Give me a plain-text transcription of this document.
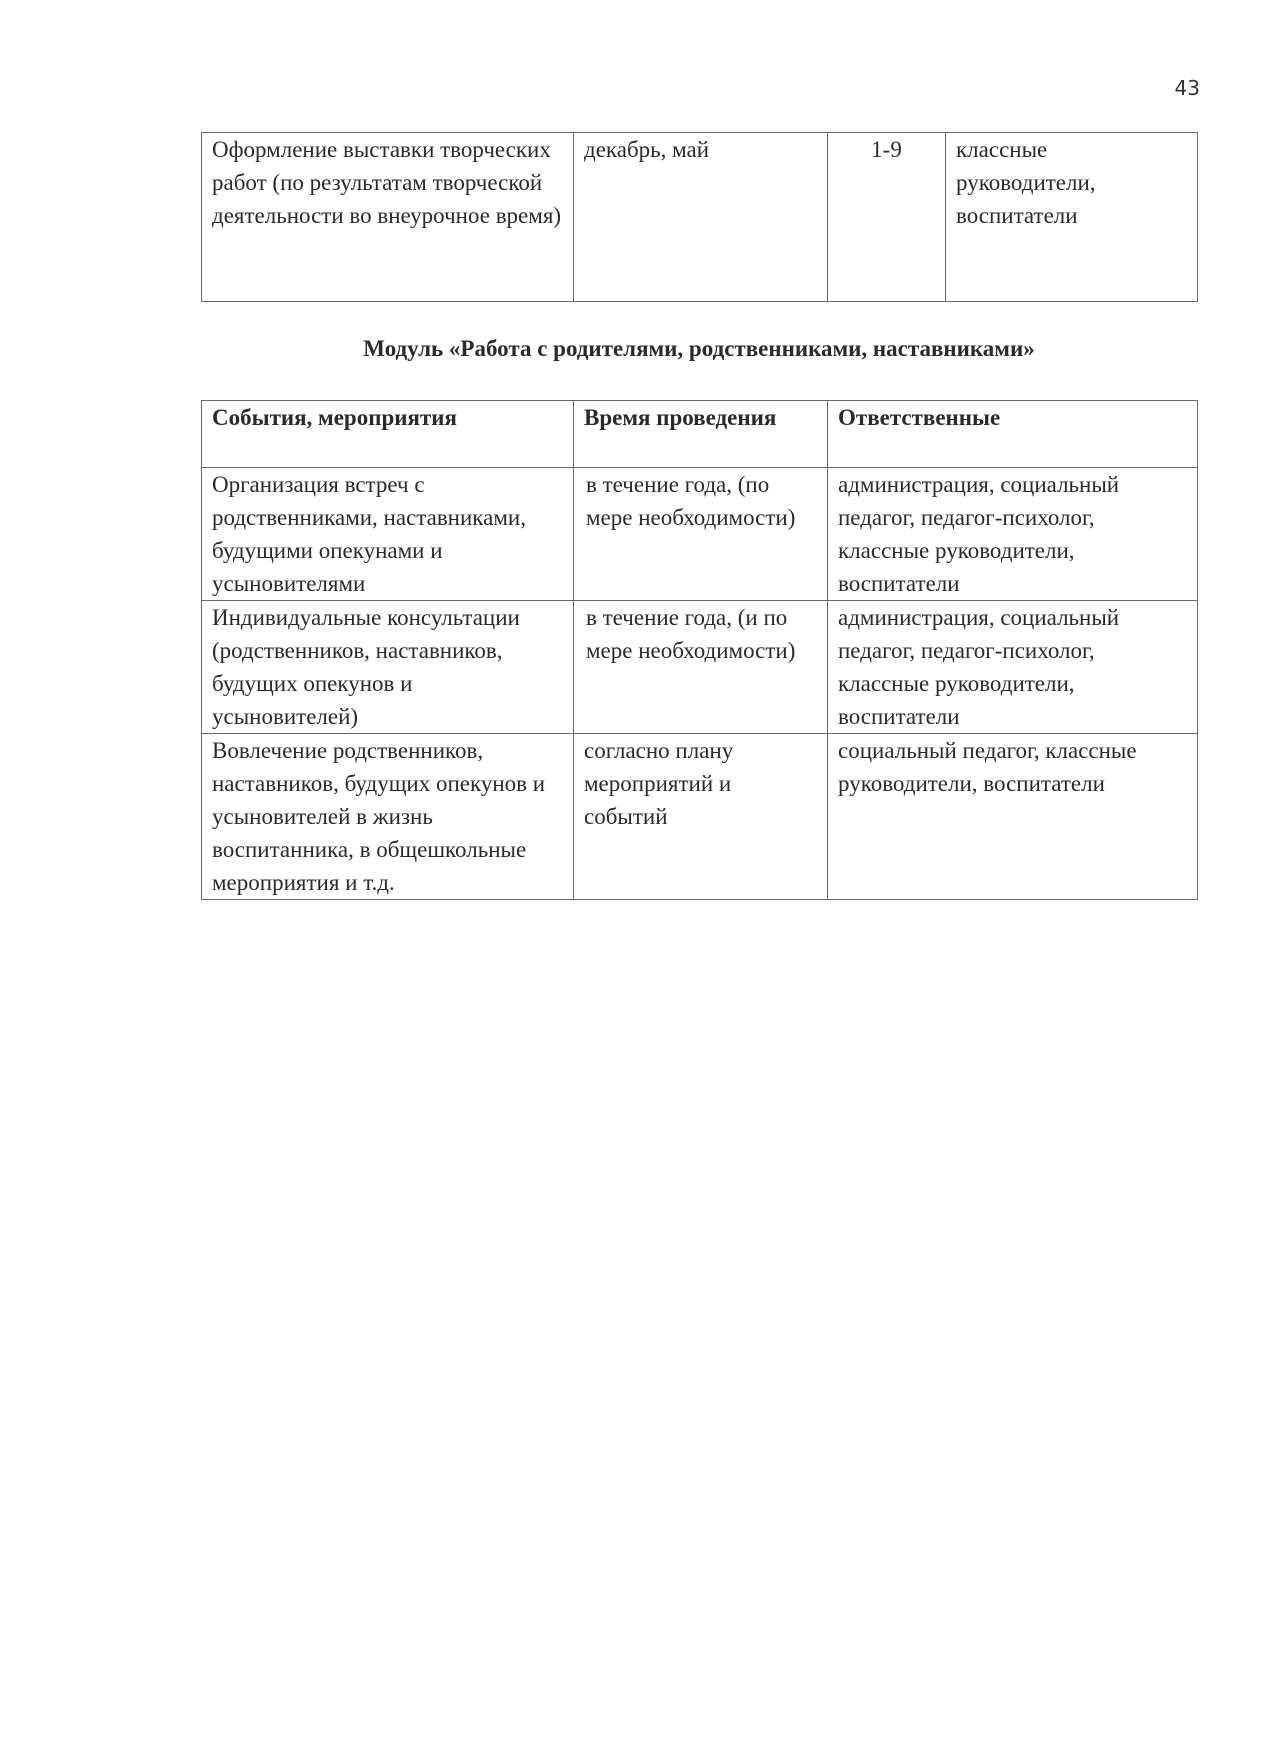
43
Оформление выставки творческих работ (по результатам творческой деятельности во внеурочное время)	декабрь, май	1-9	классные руководители, воспитатели
Модуль «Работа с родителями, родственниками, наставниками»
События, мероприятия	Время проведения	Ответственные
Организация встреч с родственниками, наставниками, будущими опекунами и усыновителями	в течение года, (по мере необходимости)	администрация, социальный педагог, педагог-психолог, классные руководители, воспитатели
Индивидуальные консультации (родственников, наставников, будущих опекунов и усыновителей)	в течение года, (и по мере необходимости)	администрация, социальный педагог, педагог-психолог, классные руководители, воспитатели
Вовлечение родственников, наставников, будущих опекунов и усыновителей в жизнь воспитанника, в общешкольные мероприятия и т.д.	согласно плану мероприятий и событий	социальный педагог, классные руководители, воспитатели
